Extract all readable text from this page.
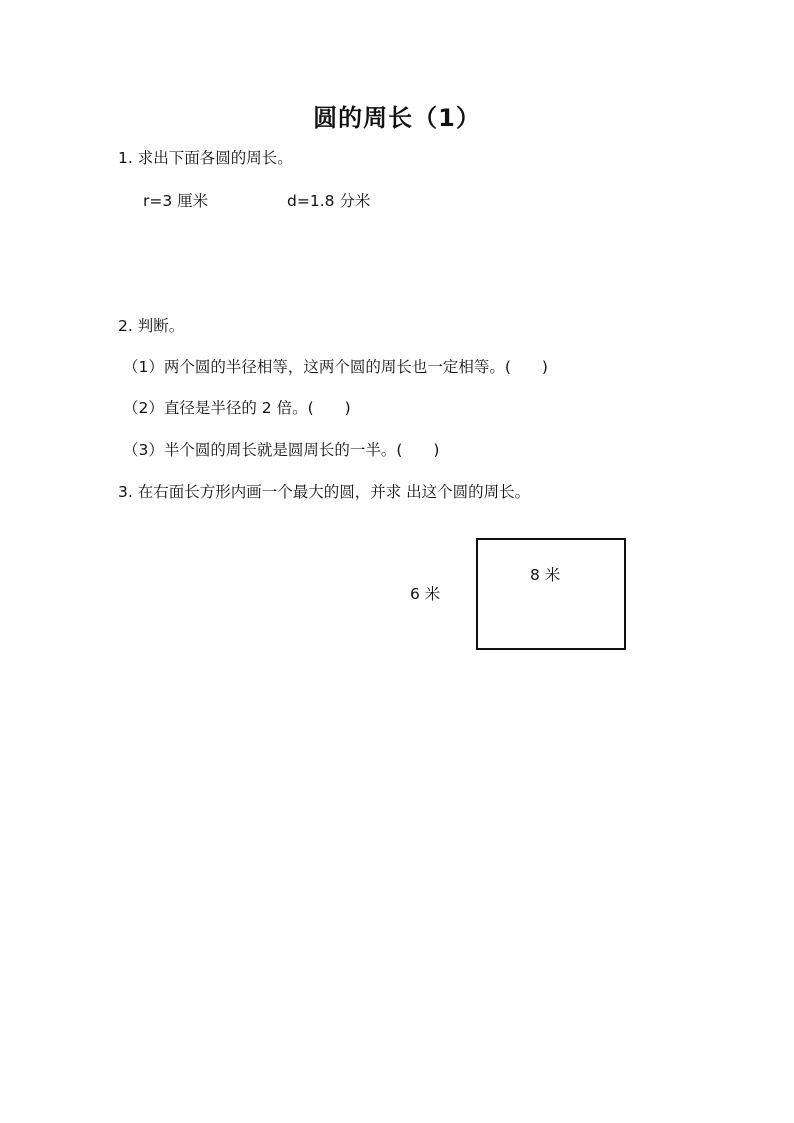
圆的周长（1）
1. 求出下面各圆的周长。
r=3 厘米	d=1.8 分米
2. 判断。
（1）两个圆的半径相等，这两个圆的周长也一定相等。(　　)
（2）直径是半径的 2 倍。(　　)
（3）半个圆的周长就是圆周长的一半。(　　)
3. 在右面长方形内画一个最大的圆，并求 出这个圆的周长。
8 米
6 米
